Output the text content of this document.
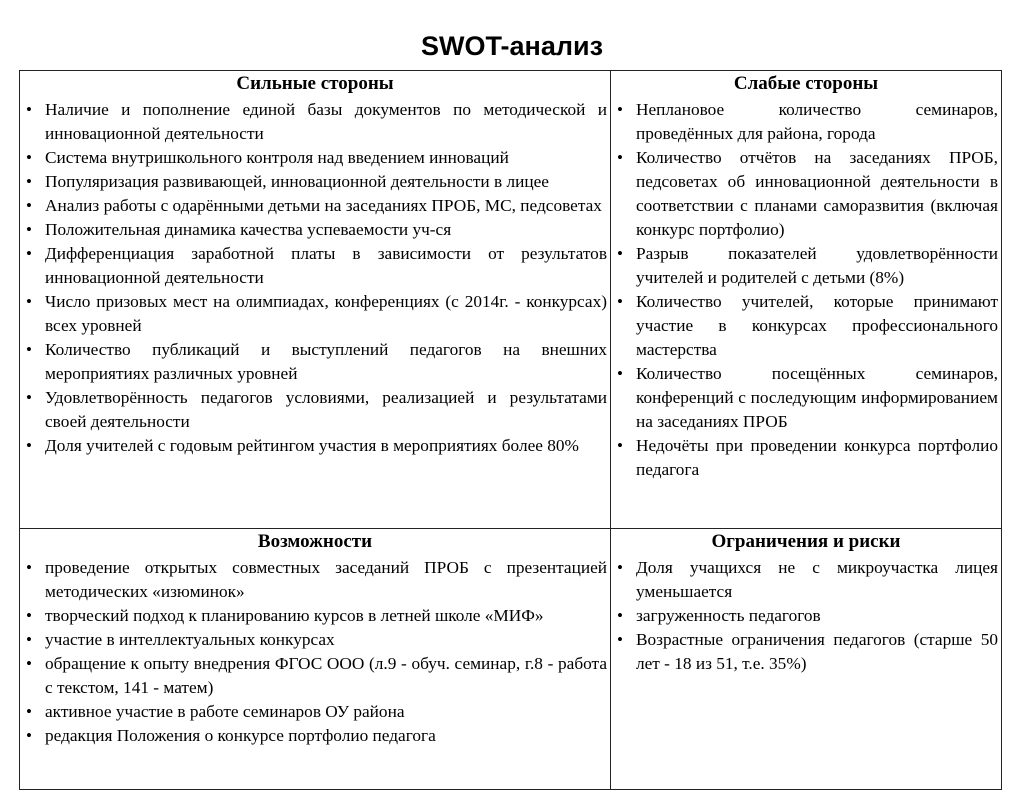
SWOT-анализ
Сильные стороны
• Наличие и пополнение единой базы документов по методической и инновационной деятельности
• Система внутришкольного контроля над введением инноваций
• Популяризация развивающей, инновационной деятельности в лицее
• Анализ работы с одарёнными детьми на заседаниях ПРОБ, МС, педсоветах
• Положительная динамика качества успеваемости уч-ся
• Дифференциация заработной платы в зависимости от результатов инновационной деятельности
• Число призовых мест на олимпиадах, конференциях (с 2014г. - конкурсах) всех уровней
• Количество публикаций и выступлений педагогов на внешних мероприятиях различных уровней
• Удовлетворённость педагогов условиями, реализацией и результатами своей деятельности
• Доля учителей с годовым рейтингом участия в мероприятиях более 80%
Слабые стороны
• Неплановое количество семинаров, проведённых для района, города
• Количество отчётов на заседаниях ПРОБ, педсоветах об инновационной деятельности в соответствии с планами саморазвития (включая конкурс портфолио)
• Разрыв показателей удовлетворённости учителей и родителей с детьми (8%)
• Количество учителей, которые принимают участие в конкурсах профессионального мастерства
• Количество посещённых семинаров, конференций с последующим информированием на заседаниях ПРОБ
• Недочёты при проведении конкурса портфолио педагога
Возможности
• проведение открытых совместных заседаний ПРОБ с презентацией методических «изюминок»
• творческий подход к планированию курсов в летней школе «МИФ»
• участие в интеллектуальных конкурсах
• обращение к опыту внедрения ФГОС ООО (л.9 - обуч. семинар, г.8 - работа с текстом, 141 - матем)
• активное участие в работе семинаров ОУ района
• редакция Положения о конкурсе портфолио педагога
Ограничения и риски
• Доля учащихся не с микроучастка лицея уменьшается
• загруженность педагогов
• Возрастные ограничения педагогов (старше 50 лет - 18 из 51, т.е. 35%)
